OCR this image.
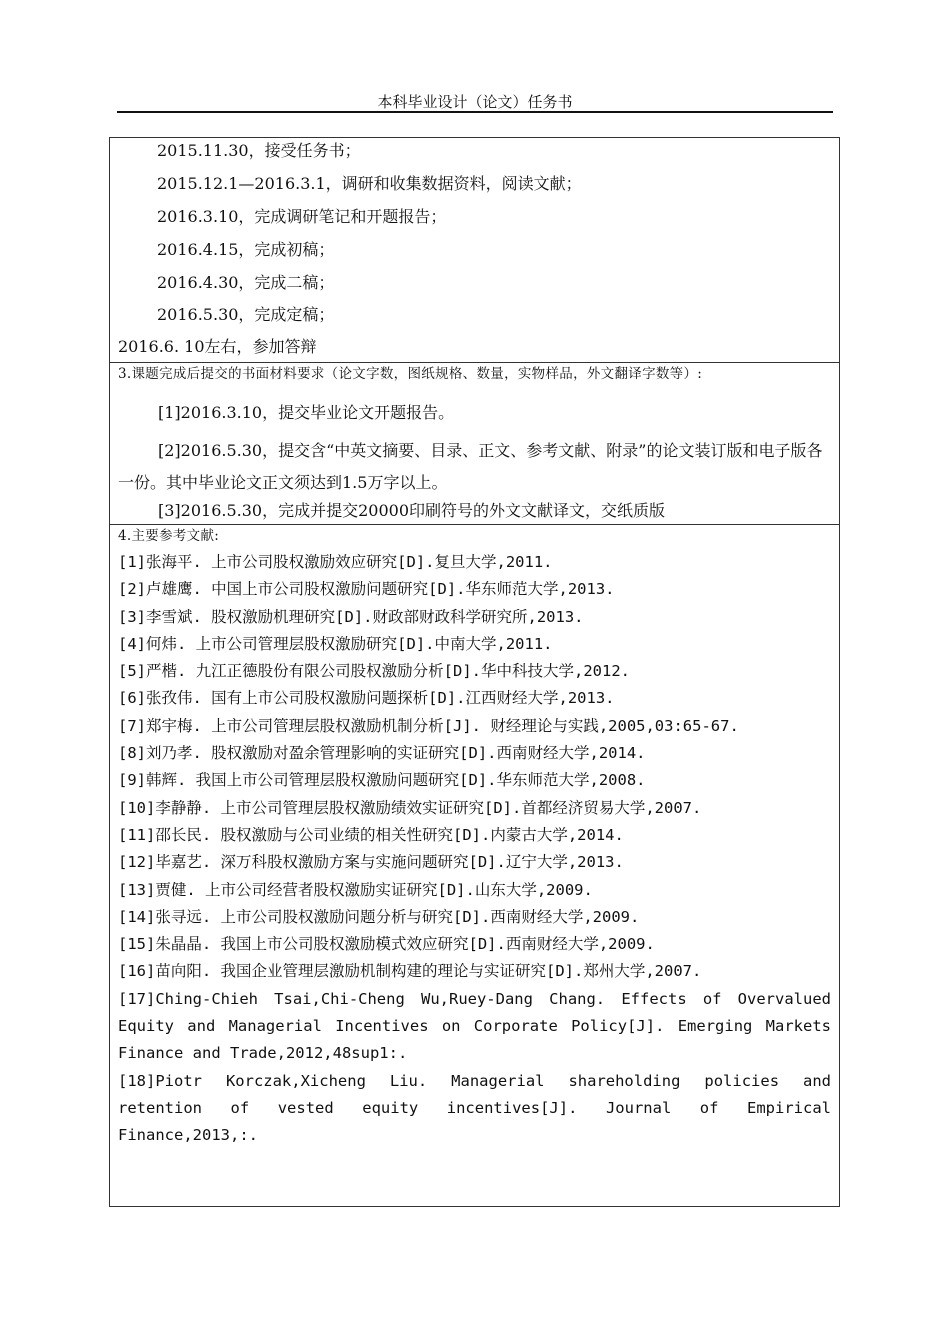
本科毕业设计（论文）任务书
2015.11.30，接受任务书；
2015.12.1—2016.3.1，调研和收集数据资料，阅读文献；
2016.3.10，完成调研笔记和开题报告；
2016.4.15，完成初稿；
2016.4.30，完成二稿；
2016.5.30，完成定稿；
2016.6. 10左右，参加答辩
3.课题完成后提交的书面材料要求（论文字数，图纸规格、数量，实物样品，外文翻译字数等）:
[1]2016.3.10，提交毕业论文开题报告。
[2]2016.5.30，提交含“中英文摘要、目录、正文、参考文献、附录”的论文装订版和电子版各一份。其中毕业论文正文须达到1.5万字以上。
[3]2016.5.30，完成并提交20000印刷符号的外文文献译文，交纸质版
4.主要参考文献:
[1]张海平. 上市公司股权激励效应研究[D].复旦大学,2011.
[2]卢雄鹰. 中国上市公司股权激励问题研究[D].华东师范大学,2013.
[3]李雪斌. 股权激励机理研究[D].财政部财政科学研究所,2013.
[4]何炜. 上市公司管理层股权激励研究[D].中南大学,2011.
[5]严楷. 九江正德股份有限公司股权激励分析[D].华中科技大学,2012.
[6]张孜伟. 国有上市公司股权激励问题探析[D].江西财经大学,2013.
[7]郑宇梅. 上市公司管理层股权激励机制分析[J]. 财经理论与实践,2005,03:65-67.
[8]刘乃孝. 股权激励对盈余管理影响的实证研究[D].西南财经大学,2014.
[9]韩辉. 我国上市公司管理层股权激励问题研究[D].华东师范大学,2008.
[10]李静静. 上市公司管理层股权激励绩效实证研究[D].首都经济贸易大学,2007.
[11]邵长民. 股权激励与公司业绩的相关性研究[D].内蒙古大学,2014.
[12]毕嘉艺. 深万科股权激励方案与实施问题研究[D].辽宁大学,2013.
[13]贾健. 上市公司经营者股权激励实证研究[D].山东大学,2009.
[14]张寻远. 上市公司股权激励问题分析与研究[D].西南财经大学,2009.
[15]朱晶晶. 我国上市公司股权激励模式效应研究[D].西南财经大学,2009.
[16]苗向阳. 我国企业管理层激励机制构建的理论与实证研究[D].郑州大学,2007.
[17]Ching-Chieh Tsai,Chi-Cheng Wu,Ruey-Dang Chang. Effects of Overvalued Equity and Managerial Incentives on Corporate Policy[J]. Emerging Markets Finance and Trade,2012,48sup1:.
[18]Piotr Korczak,Xicheng Liu. Managerial shareholding policies and retention of vested equity incentives[J]. Journal of Empirical Finance,2013,:.
